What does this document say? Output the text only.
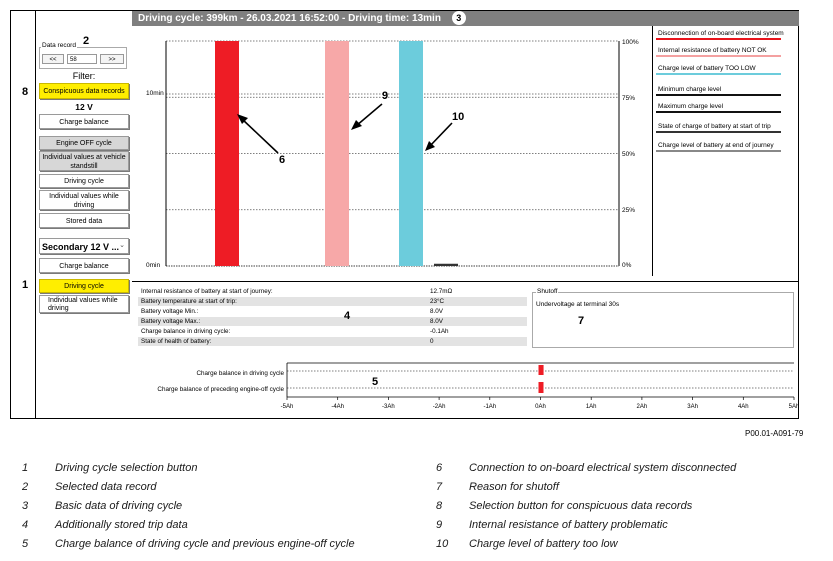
8
1
2
Data record
<<	58	>>
Filter:
Conspicuous data records
12 V
Charge balance
Engine OFF cycle
Individual values at vehicle standstill
Driving cycle
Individual values while driving
Stored data
Secondary 12 V ... ⌄
Charge balance
Driving cycle
Individual values while driving
Driving cycle: 399km - 26.03.2021 16:52:00 - Driving time: 13min 3
10min
0min
100%
75%
50%
25%
0%
6
9
10
Disconnection of on-board electrical system
Internal resistance of battery NOT OK
Charge level of battery TOO LOW
Minimum charge level
Maximum charge level
State of charge of battery at start of trip
Charge level of battery at end of journey
Internal resistance of battery at start of journey:	12.7mΩ
Battery temperature at start of trip:	23°C
Battery voltage Min.:	8.0V
Battery voltage Max.:	8.0V
Charge balance in driving cycle:	-0.1Ah
State of health of battery:	0
4
Shutoff
Undervoltage at terminal 30s
7
Charge balance in driving cycle
Charge balance of preceding engine-off cycle
-5Ah	-4Ah	-3Ah	-2Ah	-1Ah	0Ah	1Ah	2Ah	3Ah	4Ah	5Ah
5
P00.01-A091-79
1 Driving cycle selection button
2 Selected data record
3 Basic data of driving cycle
4 Additionally stored trip data
5 Charge balance of driving cycle and previous engine-off cycle
6 Connection to on-board electrical system disconnected
7 Reason for shutoff
8 Selection button for conspicuous data records
9 Internal resistance of battery problematic
10 Charge level of battery too low
